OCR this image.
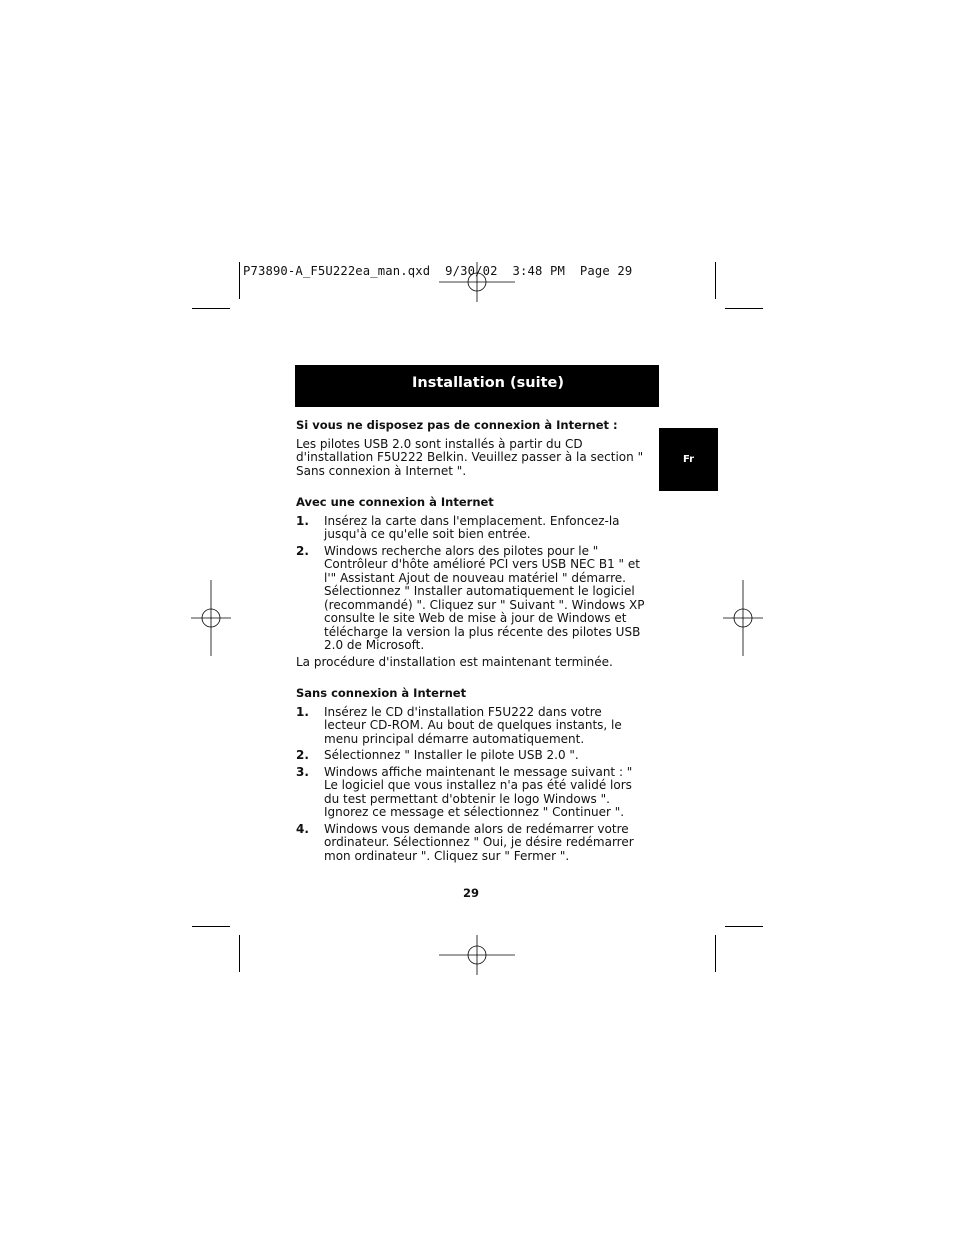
P73890-A_F5U222ea_man.qxd  9/30/02  3:48 PM  Page 29
Installation (suite)
Fr
Si vous ne disposez pas de connexion à Internet :

Les pilotes USB 2.0 sont installés à partir du CD d'installation F5U222 Belkin. Veuillez passer à la section " Sans connexion à Internet ".

Avec une connexion à Internet
1. Insérez la carte dans l'emplacement. Enfoncez-la jusqu'à ce qu'elle soit bien entrée.
2. Windows recherche alors des pilotes pour le " Contrôleur d'hôte amélioré PCI vers USB NEC B1 " et l'" Assistant Ajout de nouveau matériel " démarre. Sélectionnez " Installer automatiquement le logiciel (recommandé) ". Cliquez sur " Suivant ". Windows XP consulte le site Web de mise à jour de Windows et télécharge la version la plus récente des pilotes USB 2.0 de Microsoft.

La procédure d'installation est maintenant terminée.

Sans connexion à Internet
1. Insérez le CD d'installation F5U222 dans votre lecteur CD-ROM. Au bout de quelques instants, le menu principal démarre automatiquement.
2. Sélectionnez " Installer le pilote USB 2.0 ".
3. Windows affiche maintenant le message suivant : " Le logiciel que vous installez n'a pas été validé lors du test permettant d'obtenir le logo Windows ". Ignorez ce message et sélectionnez " Continuer ".
4. Windows vous demande alors de redémarrer votre ordinateur. Sélectionnez " Oui, je désire redémarrer mon ordinateur ". Cliquez sur " Fermer ".
29
